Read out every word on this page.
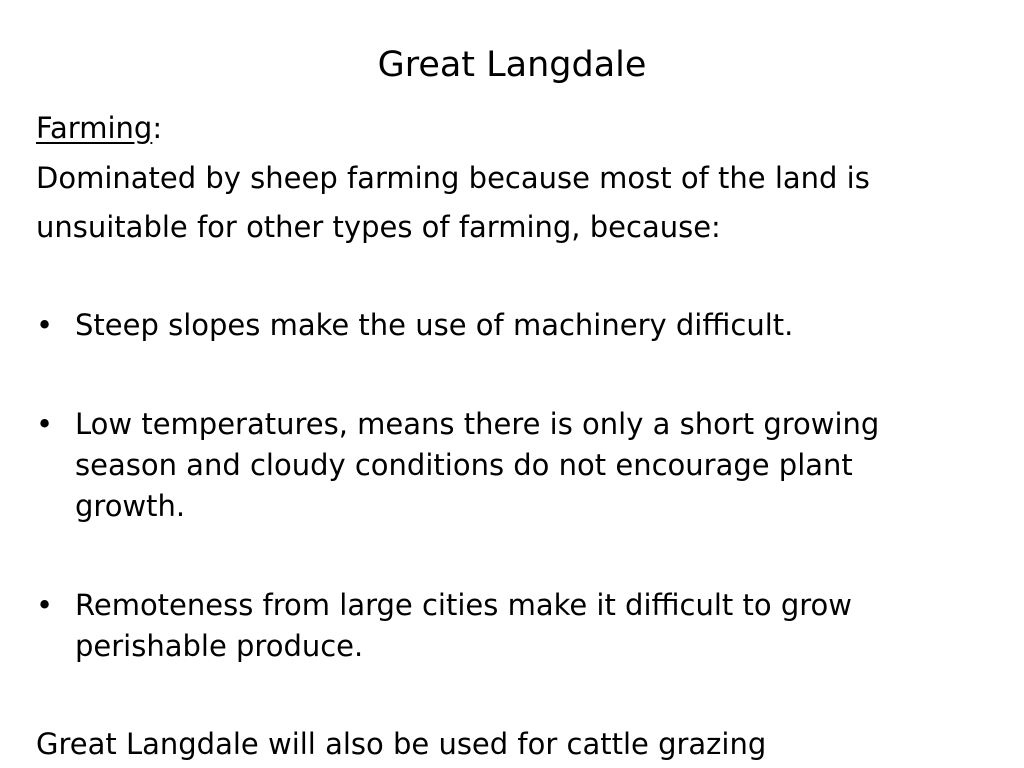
Great Langdale

Farming:

Dominated by sheep farming because most of the land is

unsuitable for other types of farming, because:

• Steep slopes make the use of machinery difficult.
• Low temperatures, means there is only a short growing season and cloudy conditions do not encourage plant growth.
• Remoteness from large cities make it difficult to grow perishable produce.

Great Langdale will also be used for cattle grazing
